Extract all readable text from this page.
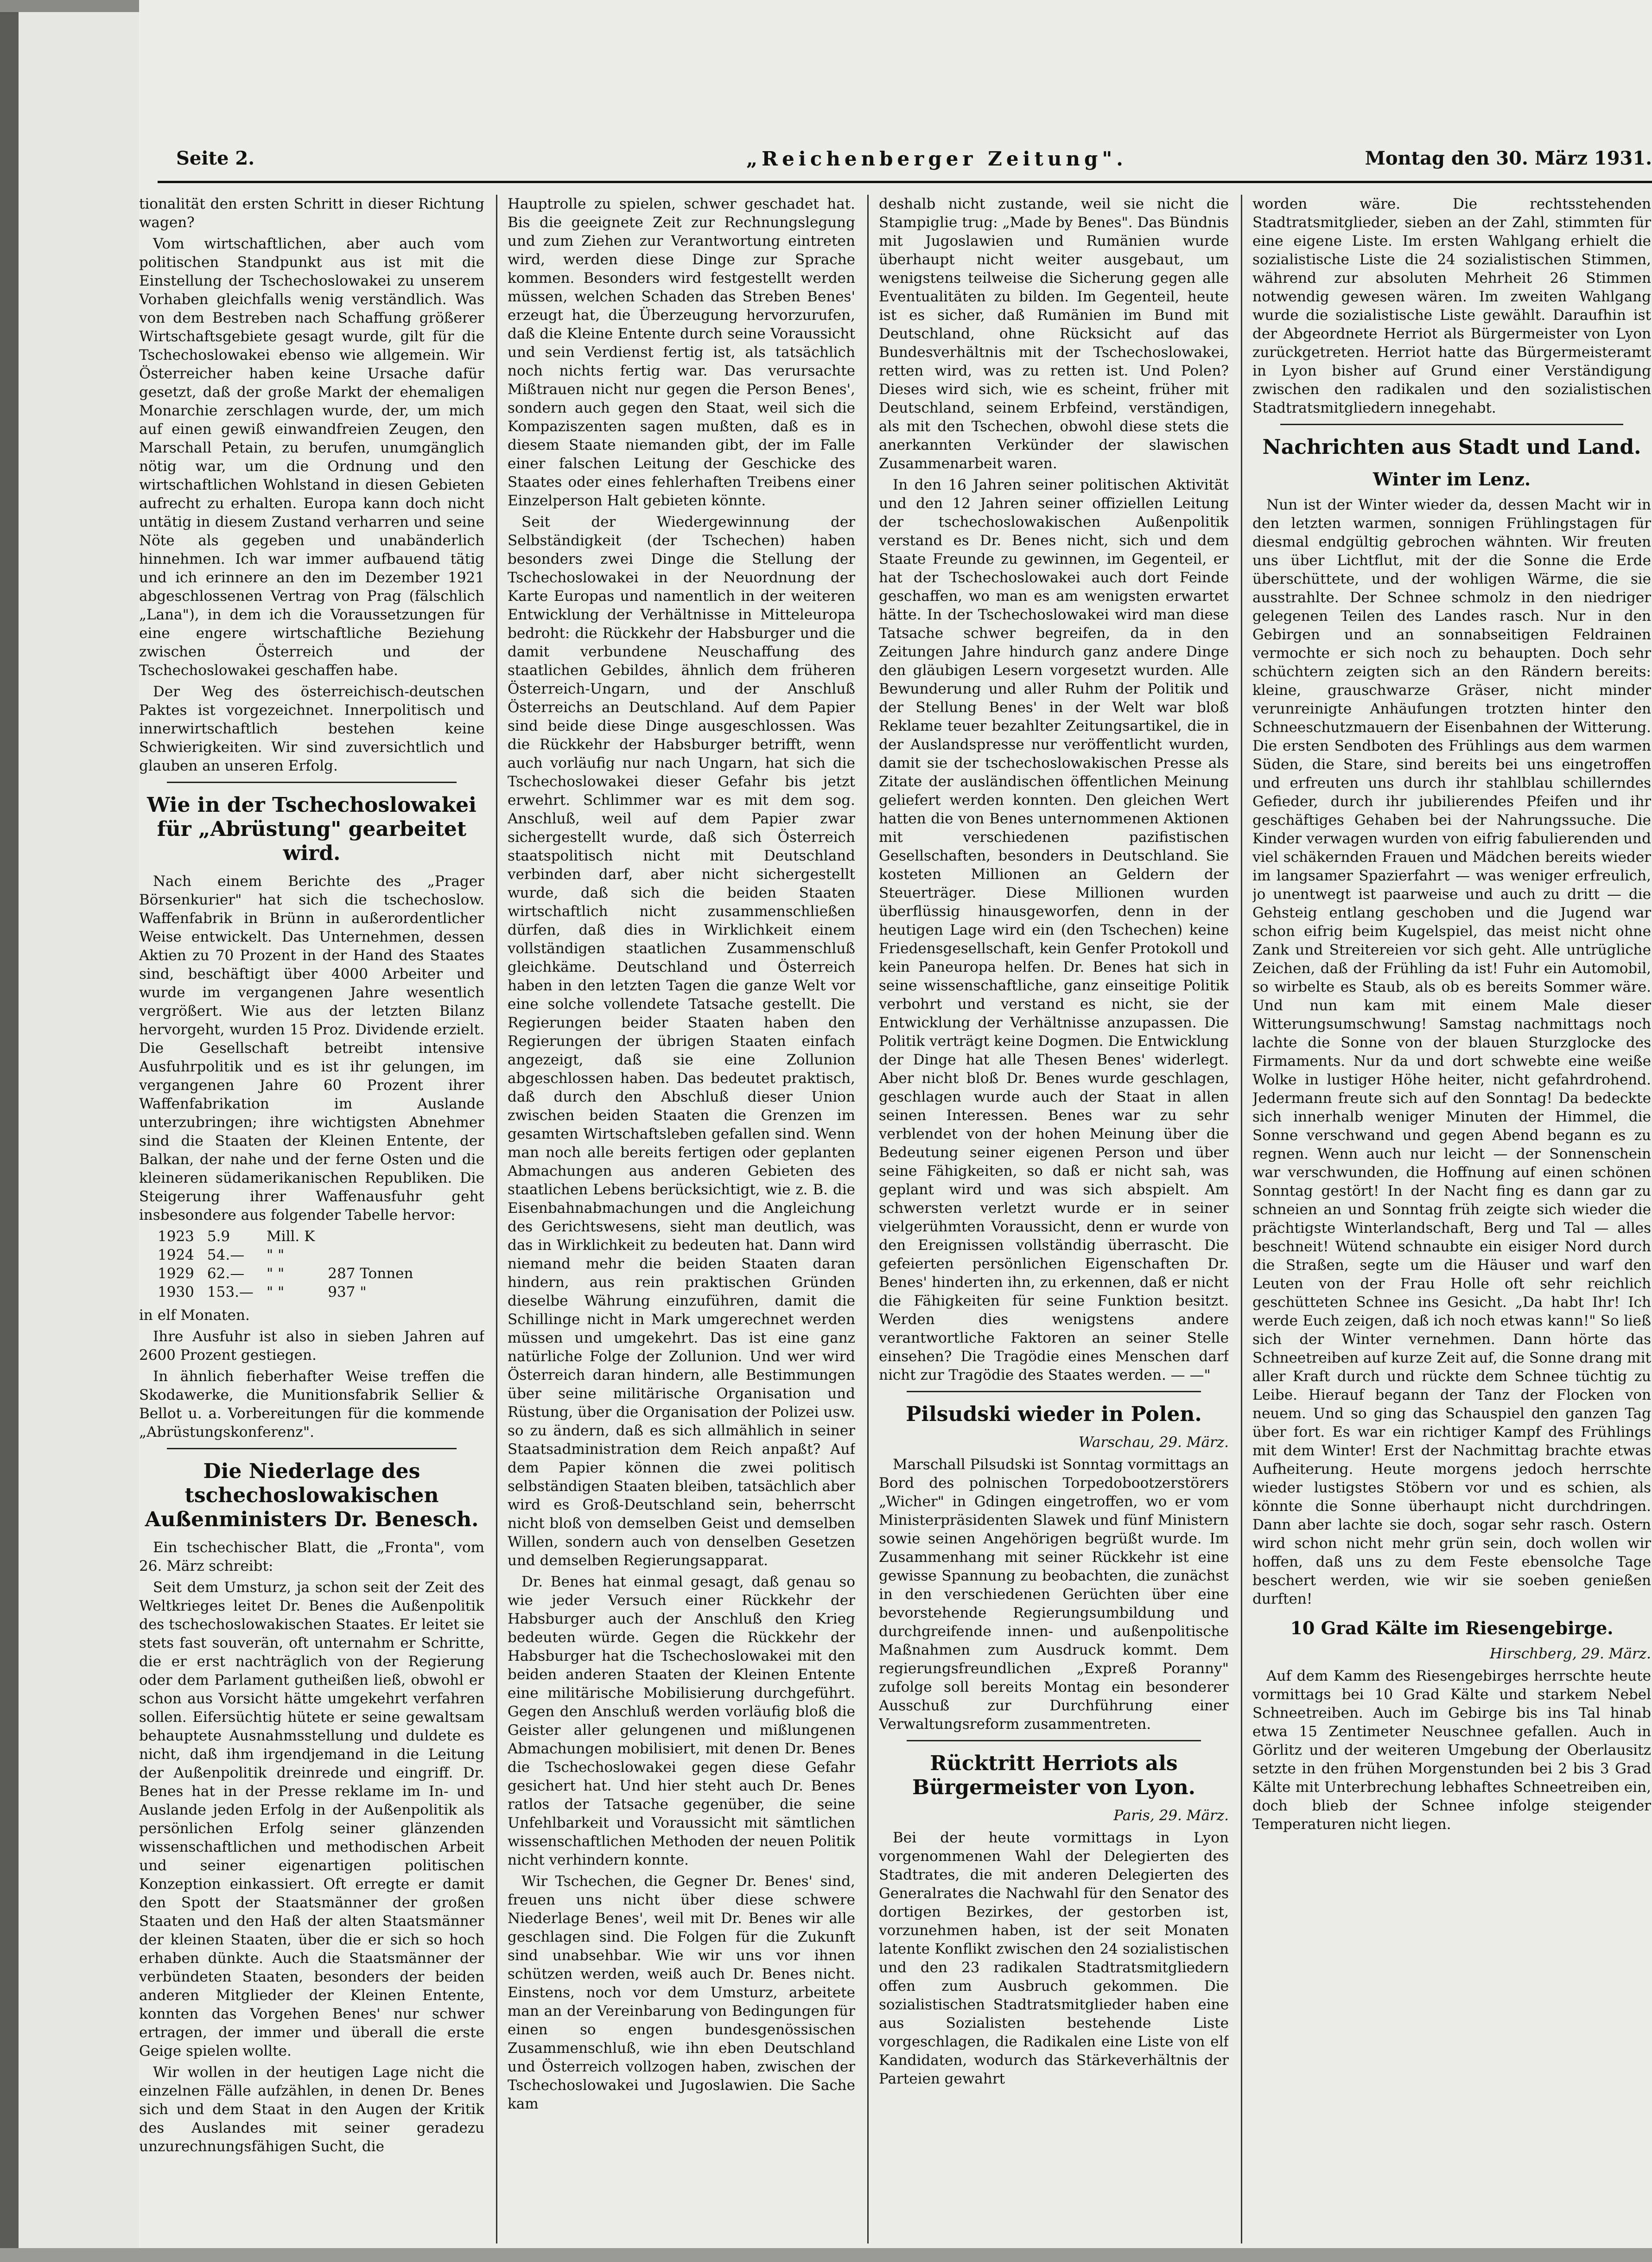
Seite 2.	„Reichenberger Zeitung".	Montag den 30. März 1931.

tionalität den ersten Schritt in dieser Richtung wagen?

Vom wirtschaftlichen, aber auch vom politischen Standpunkt aus ist mit die Einstellung der Tschechoslowakei zu unserem Vorhaben gleichfalls wenig verständlich. Was von dem Bestreben nach Schaffung größerer Wirtschaftsgebiete gesagt wurde, gilt für die Tschechoslowakei ebenso wie allgemein. Wir Österreicher haben keine Ursache dafür gesetzt, daß der große Markt der ehemaligen Monarchie zerschlagen wurde, der, um mich auf einen gewiß einwandfreien Zeugen, den Marschall Petain, zu berufen, unumgänglich nötig war, um die Ordnung und den wirtschaftlichen Wohlstand in diesen Gebieten aufrecht zu erhalten. Europa kann doch nicht untätig in diesem Zustand verharren und seine Nöte als gegeben und unabänderlich hinnehmen. Ich war immer aufbauend tätig und ich erinnere an den im Dezember 1921 abgeschlossenen Vertrag von Prag (fälschlich „Lana"), in dem ich die Voraussetzungen für eine engere wirtschaftliche Beziehung zwischen Österreich und der Tschechoslowakei geschaffen habe.

Der Weg des österreichisch-deutschen Paktes ist vorgezeichnet. Innerpolitisch und innerwirtschaftlich bestehen keine Schwierigkeiten. Wir sind zuversichtlich und glauben an unseren Erfolg.

Wie in der Tschechoslowakei für „Abrüstung" gearbeitet wird.

Nach einem Berichte des „Prager Börsenkurier" hat sich die tschechoslow. Waffenfabrik in Brünn in außerordentlicher Weise entwickelt. Das Unternehmen, dessen Aktien zu 70 Prozent in der Hand des Staates sind, beschäftigt über 4000 Arbeiter und wurde im vergangenen Jahre wesentlich vergrößert. Wie aus der letzten Bilanz hervorgeht, wurden 15 Proz. Dividende erzielt. Die Gesellschaft betreibt intensive Ausfuhrpolitik und es ist ihr gelungen, im vergangenen Jahre 60 Prozent ihrer Waffenfabrikation im Auslande unterzubringen; ihre wichtigsten Abnehmer sind die Staaten der Kleinen Entente, der Balkan, der nahe und der ferne Osten und die kleineren südamerikanischen Republiken. Die Steigerung ihrer Waffenausfuhr geht insbesondere aus folgender Tabelle hervor:

1923	5.9	Mill. K	
1924	54.—	" "	
1929	62.—	" "	287 Tonnen
1930	153.—	" "	937 "

in elf Monaten.

Ihre Ausfuhr ist also in sieben Jahren auf 2600 Prozent gestiegen.

In ähnlich fieberhafter Weise treffen die Skodawerke, die Munitionsfabrik Sellier & Bellot u. a. Vorbereitungen für die kommende „Abrüstungskonferenz".

Die Niederlage des tschechoslowakischen Außenministers Dr. Benesch.

Ein tschechischer Blatt, die „Fronta", vom 26. März schreibt:

Seit dem Umsturz, ja schon seit der Zeit des Weltkrieges leitet Dr. Benes die Außenpolitik des tschechoslowakischen Staates. Er leitet sie stets fast souverän, oft unternahm er Schritte, die er erst nachträglich von der Regierung oder dem Parlament gutheißen ließ, obwohl er schon aus Vorsicht hätte umgekehrt verfahren sollen. Eifersüchtig hütete er seine gewaltsam behauptete Ausnahmsstellung und duldete es nicht, daß ihm irgendjemand in die Leitung der Außenpolitik dreinrede und eingriff. Dr. Benes hat in der Presse reklame im In- und Auslande jeden Erfolg in der Außenpolitik als persönlichen Erfolg seiner glänzenden wissenschaftlichen und methodischen Arbeit und seiner eigenartigen politischen Konzeption einkassiert. Oft erregte er damit den Spott der Staatsmänner der großen Staaten und den Haß der alten Staatsmänner der kleinen Staaten, über die er sich so hoch erhaben dünkte. Auch die Staatsmänner der verbündeten Staaten, besonders der beiden anderen Mitglieder der Kleinen Entente, konnten das Vorgehen Benes' nur schwer ertragen, der immer und überall die erste Geige spielen wollte.

Wir wollen in der heutigen Lage nicht die einzelnen Fälle aufzählen, in denen Dr. Benes sich und dem Staat in den Augen der Kritik des Auslandes mit seiner geradezu unzurechnungsfähigen Sucht, die

Hauptrolle zu spielen, schwer geschadet hat. Bis die geeignete Zeit zur Rechnungslegung und zum Ziehen zur Verantwortung eintreten wird, werden diese Dinge zur Sprache kommen. Besonders wird festgestellt werden müssen, welchen Schaden das Streben Benes' erzeugt hat, die Überzeugung hervorzurufen, daß die Kleine Entente durch seine Voraussicht und sein Verdienst fertig ist, als tatsächlich noch nichts fertig war. Das verursachte Mißtrauen nicht nur gegen die Person Benes', sondern auch gegen den Staat, weil sich die Kompaziszenten sagen mußten, daß es in diesem Staate niemanden gibt, der im Falle einer falschen Leitung der Geschicke des Staates oder eines fehlerhaften Treibens einer Einzelperson Halt gebieten könnte.

Seit der Wiedergewinnung der Selbständigkeit (der Tschechen) haben besonders zwei Dinge die Stellung der Tschechoslowakei in der Neuordnung der Karte Europas und namentlich in der weiteren Entwicklung der Verhältnisse in Mitteleuropa bedroht: die Rückkehr der Habsburger und die damit verbundene Neuschaffung des staatlichen Gebildes, ähnlich dem früheren Österreich-Ungarn, und der Anschluß Österreichs an Deutschland. Auf dem Papier sind beide diese Dinge ausgeschlossen. Was die Rückkehr der Habsburger betrifft, wenn auch vorläufig nur nach Ungarn, hat sich die Tschechoslowakei dieser Gefahr bis jetzt erwehrt. Schlimmer war es mit dem sog. Anschluß, weil auf dem Papier zwar sichergestellt wurde, daß sich Österreich staatspolitisch nicht mit Deutschland verbinden darf, aber nicht sichergestellt wurde, daß sich die beiden Staaten wirtschaftlich nicht zusammenschließen dürfen, daß dies in Wirklichkeit einem vollständigen staatlichen Zusammenschluß gleichkäme. Deutschland und Österreich haben in den letzten Tagen die ganze Welt vor eine solche vollendete Tatsache gestellt. Die Regierungen beider Staaten haben den Regierungen der übrigen Staaten einfach angezeigt, daß sie eine Zollunion abgeschlossen haben. Das bedeutet praktisch, daß durch den Abschluß dieser Union zwischen beiden Staaten die Grenzen im gesamten Wirtschaftsleben gefallen sind. Wenn man noch alle bereits fertigen oder geplanten Abmachungen aus anderen Gebieten des staatlichen Lebens berücksichtigt, wie z. B. die Eisenbahnabmachungen und die Angleichung des Gerichtswesens, sieht man deutlich, was das in Wirklichkeit zu bedeuten hat. Dann wird niemand mehr die beiden Staaten daran hindern, aus rein praktischen Gründen dieselbe Währung einzuführen, damit die Schillinge nicht in Mark umgerechnet werden müssen und umgekehrt. Das ist eine ganz natürliche Folge der Zollunion. Und wer wird Österreich daran hindern, alle Bestimmungen über seine militärische Organisation und Rüstung, über die Organisation der Polizei usw. so zu ändern, daß es sich allmählich in seiner Staatsadministration dem Reich anpaßt? Auf dem Papier können die zwei politisch selbständigen Staaten bleiben, tatsächlich aber wird es Groß-Deutschland sein, beherrscht nicht bloß von demselben Geist und demselben Willen, sondern auch von denselben Gesetzen und demselben Regierungsapparat.

Dr. Benes hat einmal gesagt, daß genau so wie jeder Versuch einer Rückkehr der Habsburger auch der Anschluß den Krieg bedeuten würde. Gegen die Rückkehr der Habsburger hat die Tschechoslowakei mit den beiden anderen Staaten der Kleinen Entente eine militärische Mobilisierung durchgeführt. Gegen den Anschluß werden vorläufig bloß die Geister aller gelungenen und mißlungenen Abmachungen mobilisiert, mit denen Dr. Benes die Tschechoslowakei gegen diese Gefahr gesichert hat. Und hier steht auch Dr. Benes ratlos der Tatsache gegenüber, die seine Unfehlbarkeit und Voraussicht mit sämtlichen wissenschaftlichen Methoden der neuen Politik nicht verhindern konnte.

Wir Tschechen, die Gegner Dr. Benes' sind, freuen uns nicht über diese schwere Niederlage Benes', weil mit Dr. Benes wir alle geschlagen sind. Die Folgen für die Zukunft sind unabsehbar. Wie wir uns vor ihnen schützen werden, weiß auch Dr. Benes nicht. Einstens, noch vor dem Umsturz, arbeitete man an der Vereinbarung von Bedingungen für einen so engen bundesgenössischen Zusammenschluß, wie ihn eben Deutschland und Österreich vollzogen haben, zwischen der Tschechoslowakei und Jugoslawien. Die Sache kam

deshalb nicht zustande, weil sie nicht die Stampiglie trug: „Made by Benes". Das Bündnis mit Jugoslawien und Rumänien wurde überhaupt nicht weiter ausgebaut, um wenigstens teilweise die Sicherung gegen alle Eventualitäten zu bilden. Im Gegenteil, heute ist es sicher, daß Rumänien im Bund mit Deutschland, ohne Rücksicht auf das Bundesverhältnis mit der Tschechoslowakei, retten wird, was zu retten ist. Und Polen? Dieses wird sich, wie es scheint, früher mit Deutschland, seinem Erbfeind, verständigen, als mit den Tschechen, obwohl diese stets die anerkannten Verkünder der slawischen Zusammenarbeit waren.

In den 16 Jahren seiner politischen Aktivität und den 12 Jahren seiner offiziellen Leitung der tschechoslowakischen Außenpolitik verstand es Dr. Benes nicht, sich und dem Staate Freunde zu gewinnen, im Gegenteil, er hat der Tschechoslowakei auch dort Feinde geschaffen, wo man es am wenigsten erwartet hätte. In der Tschechoslowakei wird man diese Tatsache schwer begreifen, da in den Zeitungen Jahre hindurch ganz andere Dinge den gläubigen Lesern vorgesetzt wurden. Alle Bewunderung und aller Ruhm der Politik und der Stellung Benes' in der Welt war bloß Reklame teuer bezahlter Zeitungsartikel, die in der Auslandspresse nur veröffentlicht wurden, damit sie der tschechoslowakischen Presse als Zitate der ausländischen öffentlichen Meinung geliefert werden konnten. Den gleichen Wert hatten die von Benes unternommenen Aktionen mit verschiedenen pazifistischen Gesellschaften, besonders in Deutschland. Sie kosteten Millionen an Geldern der Steuerträger. Diese Millionen wurden überflüssig hinausgeworfen, denn in der heutigen Lage wird ein (den Tschechen) keine Friedensgesellschaft, kein Genfer Protokoll und kein Paneuropa helfen. Dr. Benes hat sich in seine wissenschaftliche, ganz einseitige Politik verbohrt und verstand es nicht, sie der Entwicklung der Verhältnisse anzupassen. Die Politik verträgt keine Dogmen. Die Entwicklung der Dinge hat alle Thesen Benes' widerlegt. Aber nicht bloß Dr. Benes wurde geschlagen, geschlagen wurde auch der Staat in allen seinen Interessen. Benes war zu sehr verblendet von der hohen Meinung über die Bedeutung seiner eigenen Person und über seine Fähigkeiten, so daß er nicht sah, was geplant wird und was sich abspielt. Am schwersten verletzt wurde er in seiner vielgerühmten Voraussicht, denn er wurde von den Ereignissen vollständig überrascht. Die gefeierten persönlichen Eigenschaften Dr. Benes' hinderten ihn, zu erkennen, daß er nicht die Fähigkeiten für seine Funktion besitzt. Werden dies wenigstens andere verantwortliche Faktoren an seiner Stelle einsehen? Die Tragödie eines Menschen darf nicht zur Tragödie des Staates werden. — —"

Pilsudski wieder in Polen.
Warschau, 29. März.

Marschall Pilsudski ist Sonntag vormittags an Bord des polnischen Torpedobootzerstörers „Wicher" in Gdingen eingetroffen, wo er vom Ministerpräsidenten Slawek und fünf Ministern sowie seinen Angehörigen begrüßt wurde. Im Zusammenhang mit seiner Rückkehr ist eine gewisse Spannung zu beobachten, die zunächst in den verschiedenen Gerüchten über eine bevorstehende Regierungsumbildung und durchgreifende innen- und außenpolitische Maßnahmen zum Ausdruck kommt. Dem regierungsfreundlichen „Expreß Poranny" zufolge soll bereits Montag ein besonderer Ausschuß zur Durchführung einer Verwaltungsreform zusammentreten.

Rücktritt Herriots als Bürgermeister von Lyon.
Paris, 29. März.

Bei der heute vormittags in Lyon vorgenommenen Wahl der Delegierten des Stadtrates, die mit anderen Delegierten des Generalrates die Nachwahl für den Senator des dortigen Bezirkes, der gestorben ist, vorzunehmen haben, ist der seit Monaten latente Konflikt zwischen den 24 sozialistischen und den 23 radikalen Stadtratsmitgliedern offen zum Ausbruch gekommen. Die sozialistischen Stadtratsmitglieder haben eine aus Sozialisten bestehende Liste vorgeschlagen, die Radikalen eine Liste von elf Kandidaten, wodurch das Stärkeverhältnis der Parteien gewahrt

worden wäre. Die rechtsstehenden Stadtratsmitglieder, sieben an der Zahl, stimmten für eine eigene Liste. Im ersten Wahlgang erhielt die sozialistische Liste die 24 sozialistischen Stimmen, während zur absoluten Mehrheit 26 Stimmen notwendig gewesen wären. Im zweiten Wahlgang wurde die sozialistische Liste gewählt. Daraufhin ist der Abgeordnete Herriot als Bürgermeister von Lyon zurückgetreten. Herriot hatte das Bürgermeisteramt in Lyon bisher auf Grund einer Verständigung zwischen den radikalen und den sozialistischen Stadtratsmitgliedern innegehabt.

Nachrichten aus Stadt und Land.
Winter im Lenz.

Nun ist der Winter wieder da, dessen Macht wir in den letzten warmen, sonnigen Frühlingstagen für diesmal endgültig gebrochen wähnten. Wir freuten uns über Lichtflut, mit der die Sonne die Erde überschüttete, und der wohligen Wärme, die sie ausstrahlte. Der Schnee schmolz in den niedriger gelegenen Teilen des Landes rasch. Nur in den Gebirgen und an sonnabseitigen Feldrainen vermochte er sich noch zu behaupten. Doch sehr schüchtern zeigten sich an den Rändern bereits: kleine, grauschwarze Gräser, nicht minder verunreinigte Anhäufungen trotzten hinter den Schneeschutzmauern der Eisenbahnen der Witterung. Die ersten Sendboten des Frühlings aus dem warmen Süden, die Stare, sind bereits bei uns eingetroffen und erfreuten uns durch ihr stahlblau schillerndes Gefieder, durch ihr jubilierendes Pfeifen und ihr geschäftiges Gehaben bei der Nahrungssuche. Die Kinder verwagen wurden von eifrig fabulierenden und viel schäkernden Frauen und Mädchen bereits wieder im langsamer Spazierfahrt — was weniger erfreulich, jo unentwegt ist paarweise und auch zu dritt — die Gehsteig entlang geschoben und die Jugend war schon eifrig beim Kugelspiel, das meist nicht ohne Zank und Streitereien vor sich geht. Alle untrügliche Zeichen, daß der Frühling da ist! Fuhr ein Automobil, so wirbelte es Staub, als ob es bereits Sommer wäre. Und nun kam mit einem Male dieser Witterungsumschwung! Samstag nachmittags noch lachte die Sonne von der blauen Sturzglocke des Firmaments. Nur da und dort schwebte eine weiße Wolke in lustiger Höhe heiter, nicht gefahrdrohend. Jedermann freute sich auf den Sonntag! Da bedeckte sich innerhalb weniger Minuten der Himmel, die Sonne verschwand und gegen Abend begann es zu regnen. Wenn auch nur leicht — der Sonnenschein war verschwunden, die Hoffnung auf einen schönen Sonntag gestört! In der Nacht fing es dann gar zu schneien an und Sonntag früh zeigte sich wieder die prächtigste Winterlandschaft, Berg und Tal — alles beschneit! Wütend schnaubte ein eisiger Nord durch die Straßen, segte um die Häuser und warf den Leuten von der Frau Holle oft sehr reichlich geschütteten Schnee ins Gesicht. „Da habt Ihr! Ich werde Euch zeigen, daß ich noch etwas kann!" So ließ sich der Winter vernehmen. Dann hörte das Schneetreiben auf kurze Zeit auf, die Sonne drang mit aller Kraft durch und rückte dem Schnee tüchtig zu Leibe. Hierauf begann der Tanz der Flocken von neuem. Und so ging das Schauspiel den ganzen Tag über fort. Es war ein richtiger Kampf des Frühlings mit dem Winter! Erst der Nachmittag brachte etwas Aufheiterung. Heute morgens jedoch herrschte wieder lustigstes Stöbern vor und es schien, als könnte die Sonne überhaupt nicht durchdringen. Dann aber lachte sie doch, sogar sehr rasch. Ostern wird schon nicht mehr grün sein, doch wollen wir hoffen, daß uns zu dem Feste ebensolche Tage beschert werden, wie wir sie soeben genießen durften!

10 Grad Kälte im Riesengebirge.
Hirschberg, 29. März.

Auf dem Kamm des Riesengebirges herrschte heute vormittags bei 10 Grad Kälte und starkem Nebel Schneetreiben. Auch im Gebirge bis ins Tal hinab etwa 15 Zentimeter Neuschnee gefallen. Auch in Görlitz und der weiteren Umgebung der Oberlausitz setzte in den frühen Morgenstunden bei 2 bis 3 Grad Kälte mit Unterbrechung lebhaftes Schneetreiben ein, doch blieb der Schnee infolge steigender Temperaturen nicht liegen.
